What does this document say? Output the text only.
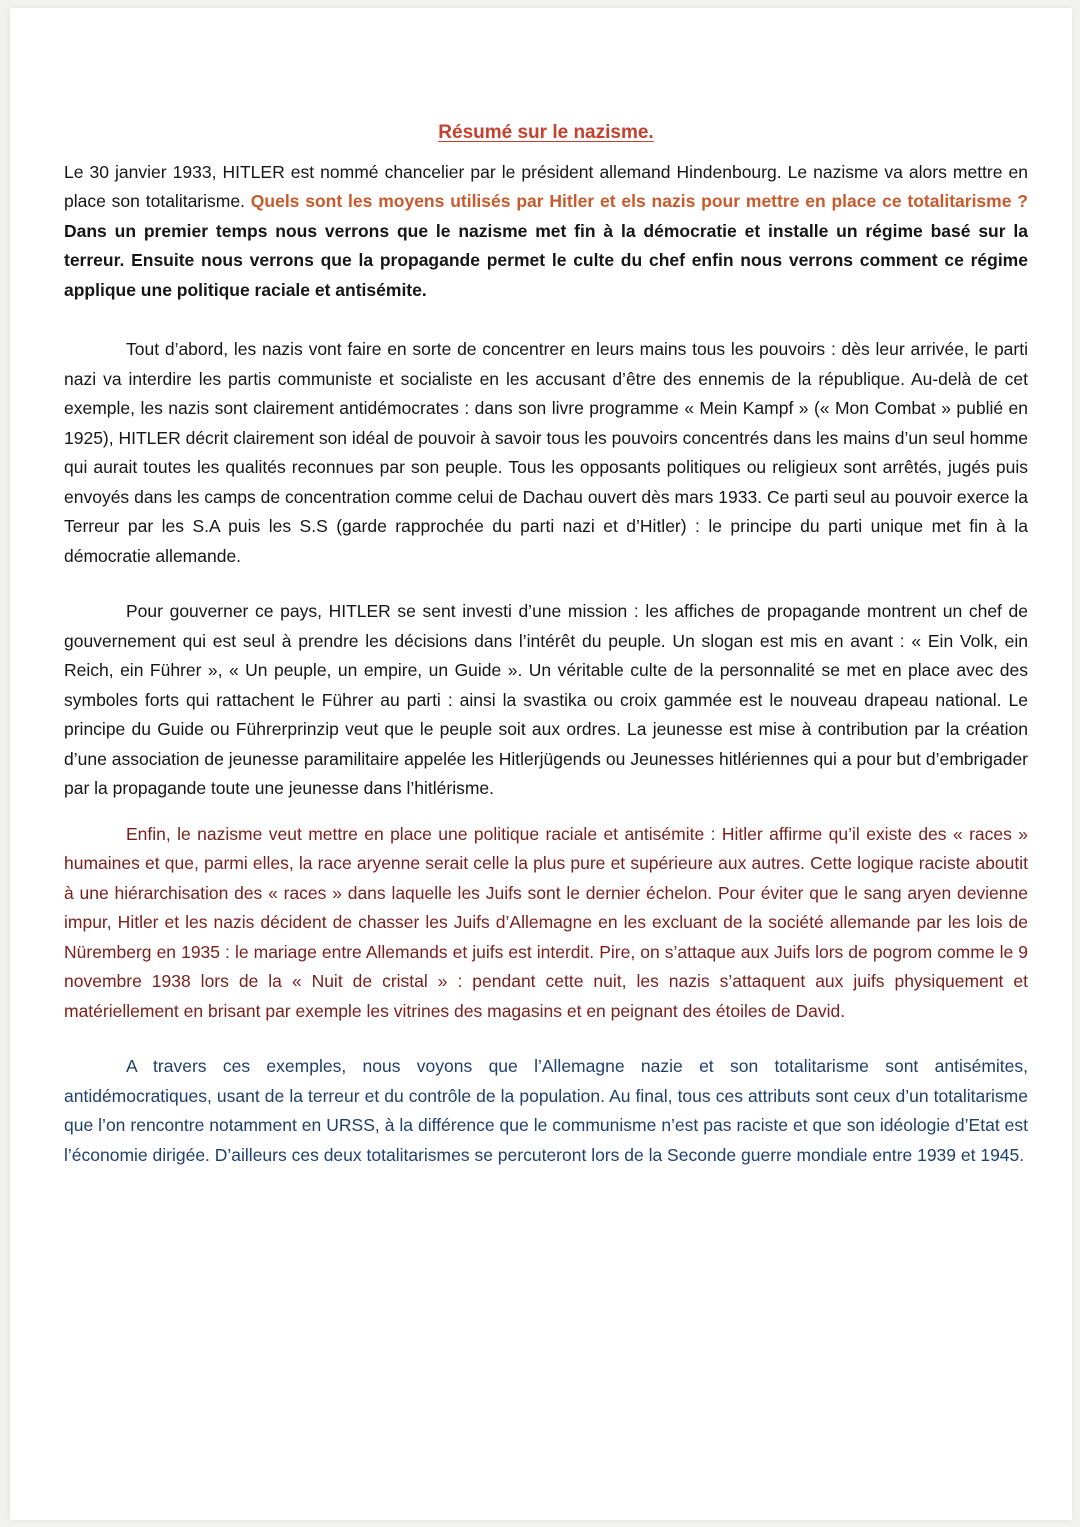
Résumé sur le nazisme.

Le 30 janvier 1933, HITLER est nommé chancelier par le président allemand Hindenbourg. Le nazisme va alors mettre en place son totalitarisme. Quels sont les moyens utilisés par Hitler et els nazis pour mettre en place ce totalitarisme ? Dans un premier temps nous verrons que le nazisme met fin à la démocratie et installe un régime basé sur la terreur. Ensuite nous verrons que la propagande permet le culte du chef enfin nous verrons comment ce régime applique une politique raciale et antisémite.

Tout d’abord, les nazis vont faire en sorte de concentrer en leurs mains tous les pouvoirs : dès leur arrivée, le parti nazi va interdire les partis communiste et socialiste en les accusant d’être des ennemis de la république. Au-delà de cet exemple, les nazis sont clairement antidémocrates : dans son livre programme « Mein Kampf » (« Mon Combat » publié en 1925), HITLER décrit clairement son idéal de pouvoir à savoir tous les pouvoirs concentrés dans les mains d’un seul homme qui aurait toutes les qualités reconnues par son peuple. Tous les opposants politiques ou religieux sont arrêtés, jugés puis envoyés dans les camps de concentration comme celui de Dachau ouvert dès mars 1933. Ce parti seul au pouvoir exerce la Terreur par les S.A puis les S.S (garde rapprochée du parti nazi et d’Hitler) : le principe du parti unique met fin à la démocratie allemande.

Pour gouverner ce pays, HITLER se sent investi d’une mission : les affiches de propagande montrent un chef de gouvernement qui est seul à prendre les décisions dans l’intérêt du peuple. Un slogan est mis en avant : « Ein Volk, ein Reich, ein Führer », « Un peuple, un empire, un Guide ». Un véritable culte de la personnalité se met en place avec des symboles forts qui rattachent le Führer au parti : ainsi la svastika ou croix gammée est le nouveau drapeau national. Le principe du Guide ou Führerprinzip veut que le peuple soit aux ordres. La jeunesse est mise à contribution par la création d’une association de jeunesse paramilitaire appelée les Hitlerjügends ou Jeunesses hitlériennes qui a pour but d’embrigader par la propagande toute une jeunesse dans l’hitlérisme.

Enfin, le nazisme veut mettre en place une politique raciale et antisémite : Hitler affirme qu’il existe des « races » humaines et que, parmi elles, la race aryenne serait celle la plus pure et supérieure aux autres. Cette logique raciste aboutit à une hiérarchisation des « races » dans laquelle les Juifs sont le dernier échelon. Pour éviter que le sang aryen devienne impur, Hitler et les nazis décident de chasser les Juifs d’Allemagne en les excluant de la société allemande par les lois de Nüremberg en 1935 : le mariage entre Allemands et juifs est interdit. Pire, on s’attaque aux Juifs lors de pogrom comme le 9 novembre 1938 lors de la « Nuit de cristal » : pendant cette nuit, les nazis s’attaquent aux juifs physiquement et matériellement en brisant par exemple les vitrines des magasins et en peignant des étoiles de David.

A travers ces exemples, nous voyons que l’Allemagne nazie et son totalitarisme sont antisémites, antidémocratiques, usant de la terreur et du contrôle de la population. Au final, tous ces attributs sont ceux d’un totalitarisme que l’on rencontre notamment en URSS, à la différence que le communisme n’est pas raciste et que son idéologie d’Etat est l’économie dirigée. D’ailleurs ces deux totalitarismes se percuteront lors de la Seconde guerre mondiale entre 1939 et 1945.
